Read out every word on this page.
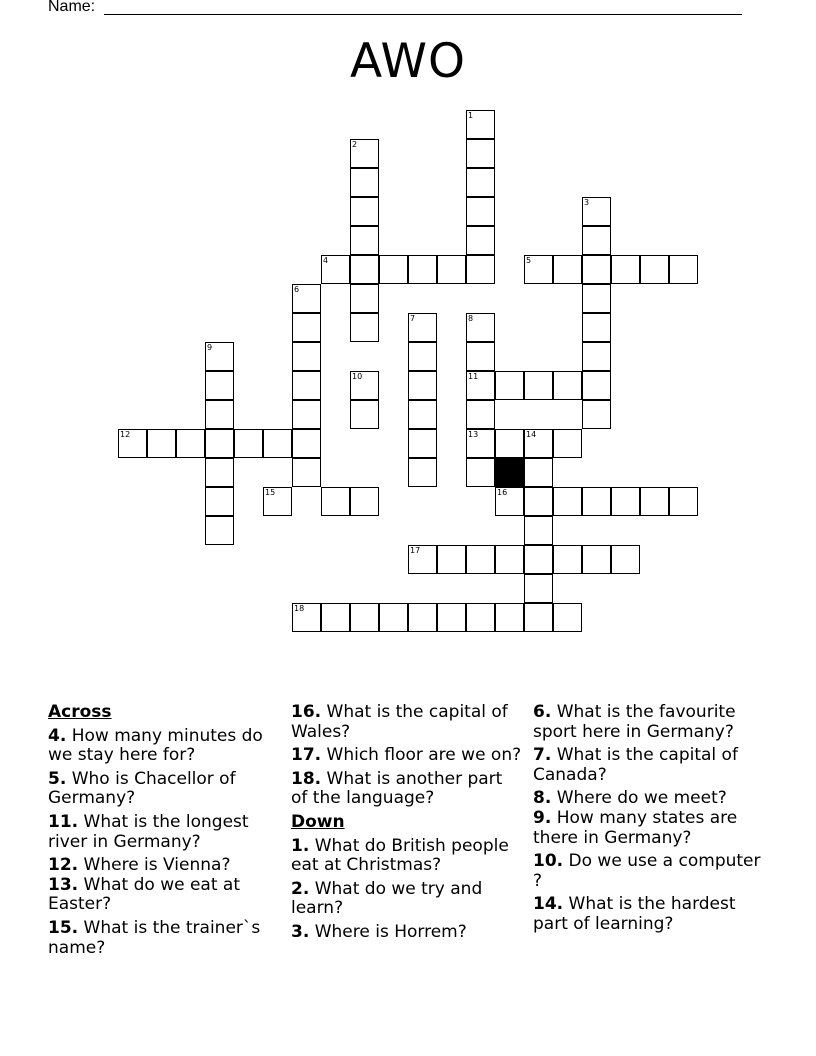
Name:
AWO
1
2
3
4	5
6
7	8
9
10	11
12	13	14
15	16
17
18
Across

4. How many minutes do we stay here for?

5. Who is Chacellor of Germany?

11. What is the longest river in Germany?

12. Where is Vienna?

13. What do we eat at Easter?

15. What is the trainer`s name?

16. What is the capital of Wales?

17. Which floor are we on?

18. What is another part of the language?

Down

1. What do British people eat at Christmas?

2. What do we try and learn?

3. Where is Horrem?

6. What is the favourite sport here in Germany?

7. What is the capital of Canada?

8. Where do we meet?

9. How many states are there in Germany?

10. Do we use a computer ?

14. What is the hardest part of learning?
